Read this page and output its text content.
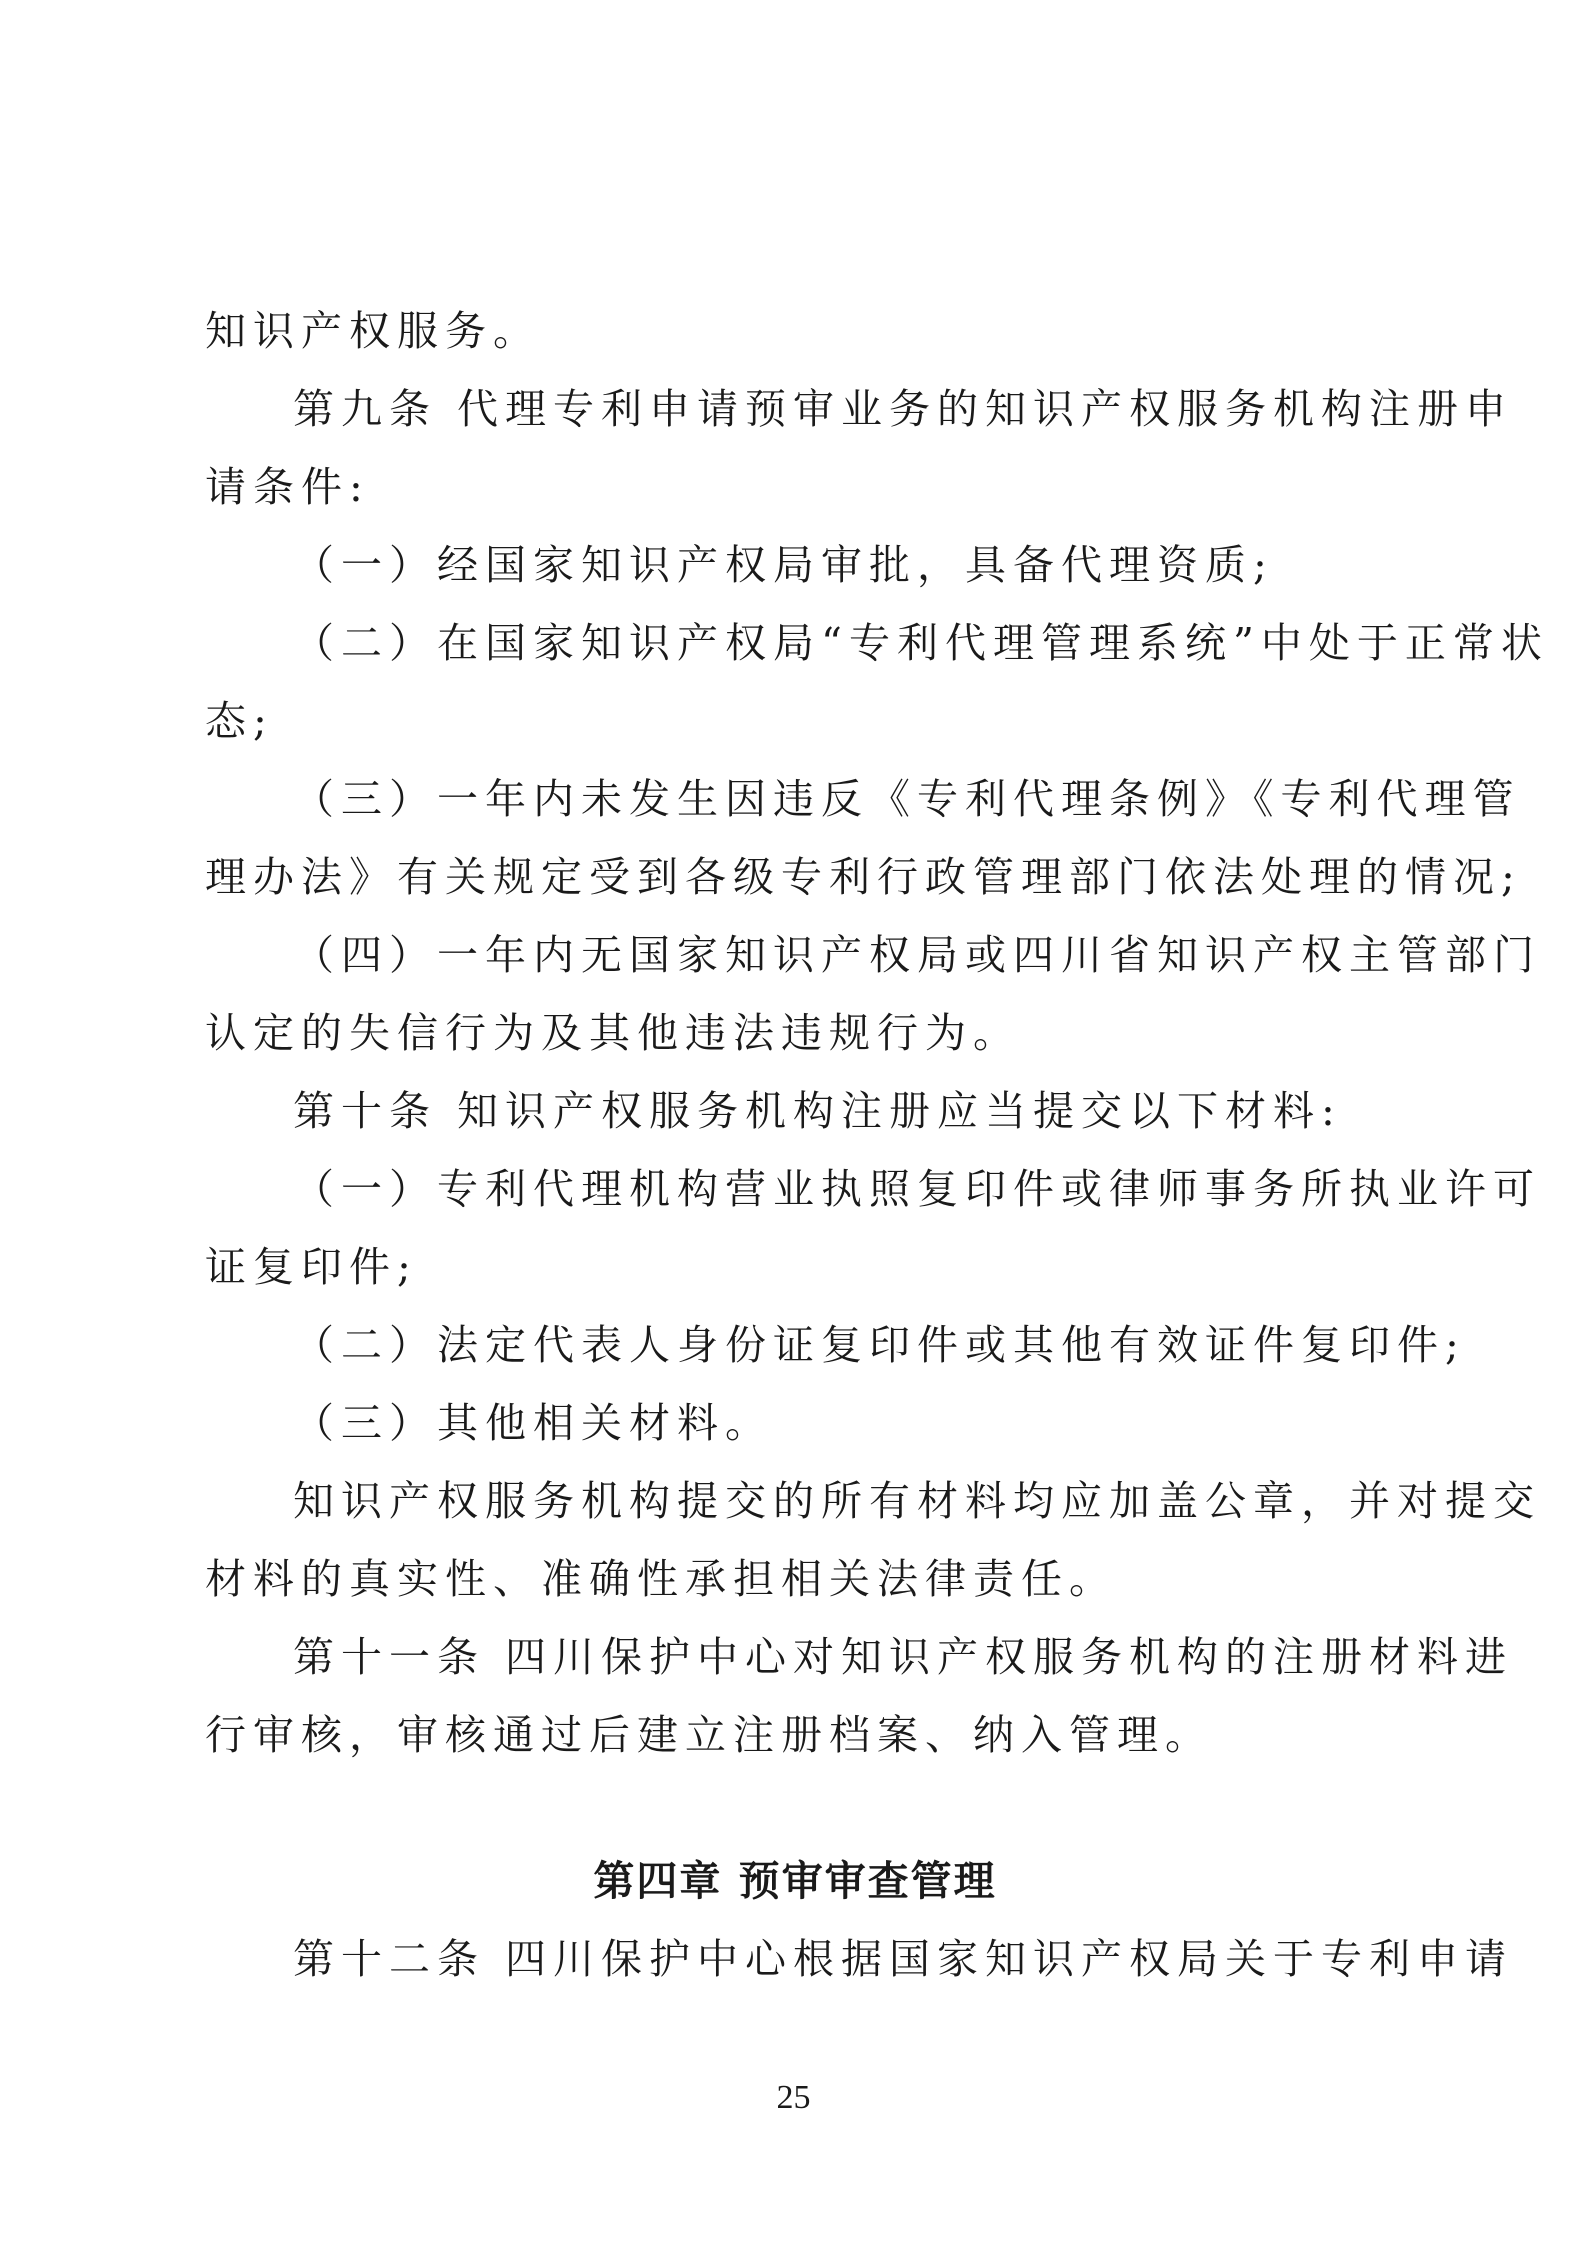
知识产权服务。
第九条 代理专利申请预审业务的知识产权服务机构注册申
请条件:
（一）经国家知识产权局审批，具备代理资质;
（二）在国家知识产权局“专利代理管理系统”中处于正常状
态;
（三）一年内未发生因违反《专利代理条例》《专利代理管
理办法》有关规定受到各级专利行政管理部门依法处理的情况;
（四）一年内无国家知识产权局或四川省知识产权主管部门
认定的失信行为及其他违法违规行为。
第十条 知识产权服务机构注册应当提交以下材料:
（一）专利代理机构营业执照复印件或律师事务所执业许可
证复印件;
（二）法定代表人身份证复印件或其他有效证件复印件;
（三）其他相关材料。
知识产权服务机构提交的所有材料均应加盖公章，并对提交
材料的真实性、准确性承担相关法律责任。
第十一条 四川保护中心对知识产权服务机构的注册材料进
行审核，审核通过后建立注册档案、纳入管理。
第四章 预审审查管理
第十二条 四川保护中心根据国家知识产权局关于专利申请
25
